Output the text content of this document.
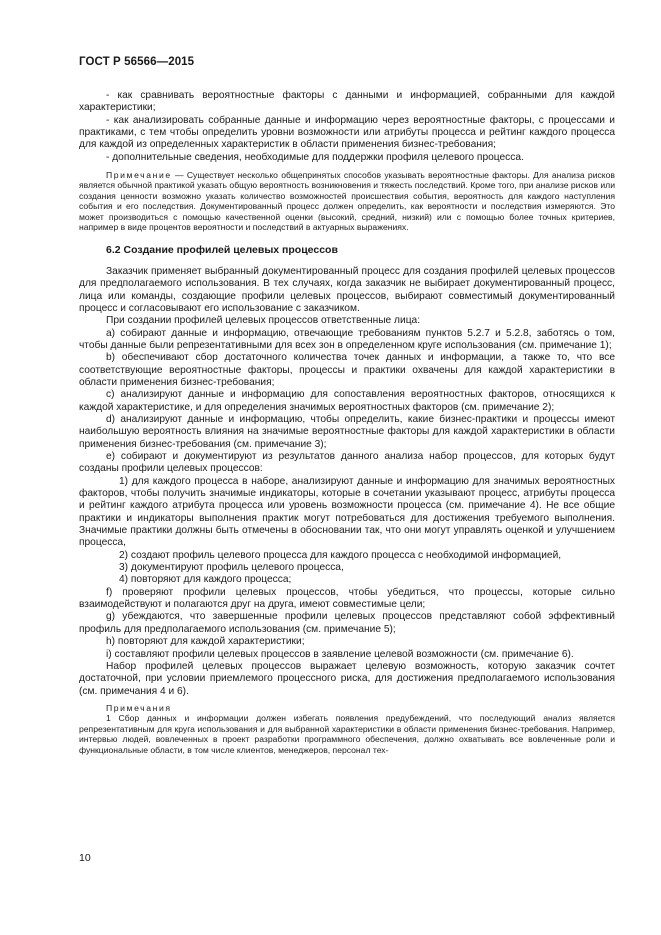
ГОСТ Р 56566—2015

- как сравнивать вероятностные факторы с данными и информацией, собранными для каждой характеристики;

- как анализировать собранные данные и информацию через вероятностные факторы, с процессами и практиками, с тем чтобы определить уровни возможности или атрибуты процесса и рейтинг каждого процесса для каждой из определенных характеристик в области применения бизнес-требования;

- дополнительные сведения, необходимые для поддержки профиля целевого процесса.

Примечание — Существует несколько общепринятых способов указывать вероятностные факторы. Для анализа рисков является обычной практикой указать общую вероятность возникновения и тяжесть последствий. Кроме того, при анализе рисков или создания ценности возможно указать количество возможностей происшествия события, вероятность для каждого наступления события и его последствия. Документированный процесс должен определить, как вероятности и последствия измеряются. Это может производиться с помощью качественной оценки (высокий, средний, низкий) или с помощью более точных критериев, например в виде процентов вероятности и последствий в актуарных выражениях.

6.2 Создание профилей целевых процессов

Заказчик применяет выбранный документированный процесс для создания профилей целевых процессов для предполагаемого использования. В тех случаях, когда заказчик не выбирает документированный процесс, лица или команды, создающие профили целевых процессов, выбирают совместимый документированный процесс и согласовывают его использование с заказчиком.

При создании профилей целевых процессов ответственные лица:

a) собирают данные и информацию, отвечающие требованиям пунктов 5.2.7 и 5.2.8, заботясь о том, чтобы данные были репрезентативными для всех зон в определенном круге использования (см. примечание 1);

b) обеспечивают сбор достаточного количества точек данных и информации, а также то, что все соответствующие вероятностные факторы, процессы и практики охвачены для каждой характеристики в области применения бизнес-требования;

c) анализируют данные и информацию для сопоставления вероятностных факторов, относящихся к каждой характеристике, и для определения значимых вероятностных факторов (см. примечание 2);

d) анализируют данные и информацию, чтобы определить, какие бизнес-практики и процессы имеют наибольшую вероятность влияния на значимые вероятностные факторы для каждой характеристики в области применения бизнес-требования (см. примечание 3);

e) собирают и документируют из результатов данного анализа набор процессов, для которых будут созданы профили целевых процессов:

1) для каждого процесса в наборе, анализируют данные и информацию для значимых вероятностных факторов, чтобы получить значимые индикаторы, которые в сочетании указывают процесс, атрибуты процесса и рейтинг каждого атрибута процесса или уровень возможности процесса (см. примечание 4). Не все общие практики и индикаторы выполнения практик могут потребоваться для достижения требуемого выполнения. Значимые практики должны быть отмечены в обосновании так, что они могут управлять оценкой и улучшением процесса,

2) создают профиль целевого процесса для каждого процесса с необходимой информацией,

3) документируют профиль целевого процесса,

4) повторяют для каждого процесса;

f) проверяют профили целевых процессов, чтобы убедиться, что процессы, которые сильно взаимодействуют и полагаются друг на друга, имеют совместимые цели;

g) убеждаются, что завершенные профили целевых процессов представляют собой эффективный профиль для предполагаемого использования (см. примечание 5);

h) повторяют для каждой характеристики;

i) составляют профили целевых процессов в заявление целевой возможности (см. примечание 6).

Набор профилей целевых процессов выражает целевую возможность, которую заказчик сочтет достаточной, при условии приемлемого процессного риска, для достижения предполагаемого использования (см. примечания 4 и 6).

Примечания

1 Сбор данных и информации должен избегать появления предубеждений, что последующий анализ является репрезентативным для круга использования и для выбранной характеристики в области применения бизнес-требования. Например, интервью людей, вовлеченных в проект разработки программного обеспечения, должно охватывать все вовлеченные роли и функциональные области, в том числе клиентов, менеджеров, персонал тех-

10
